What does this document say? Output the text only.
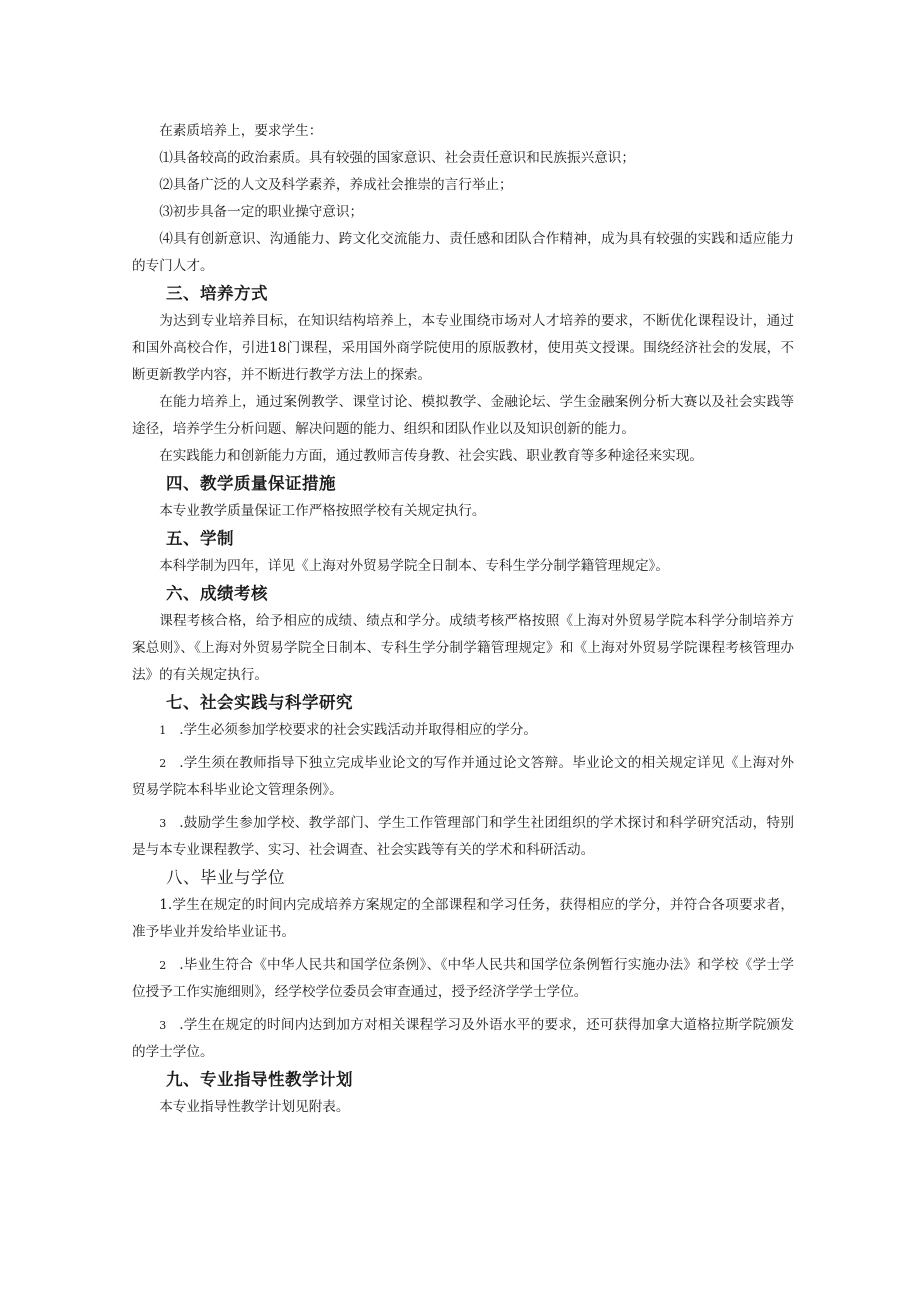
在素质培养上，要求学生：

⑴具备较高的政治素质。具有较强的国家意识、社会责任意识和民族振兴意识；

⑵具备广泛的人文及科学素养，养成社会推崇的言行举止；

⑶初步具备一定的职业操守意识；

⑷具有创新意识、沟通能力、跨文化交流能力、责任感和团队合作精神，成为具有较强的实践和适应能力的专门人才。

三、培养方式

为达到专业培养目标，在知识结构培养上，本专业围绕市场对人才培养的要求，不断优化课程设计，通过和国外高校合作，引进18门课程，采用国外商学院使用的原版教材，使用英文授课。围绕经济社会的发展，不断更新教学内容，并不断进行教学方法上的探索。

在能力培养上，通过案例教学、课堂讨论、模拟教学、金融论坛、学生金融案例分析大赛以及社会实践等途径，培养学生分析问题、解决问题的能力、组织和团队作业以及知识创新的能力。

在实践能力和创新能力方面，通过教师言传身教、社会实践、职业教育等多种途径来实现。

四、教学质量保证措施

本专业教学质量保证工作严格按照学校有关规定执行。

五、学制

本科学制为四年，详见《上海对外贸易学院全日制本、专科生学分制学籍管理规定》。

六、成绩考核

课程考核合格，给予相应的成绩、绩点和学分。成绩考核严格按照《上海对外贸易学院本科学分制培养方案总则》、《上海对外贸易学院全日制本、专科生学分制学籍管理规定》和《上海对外贸易学院课程考核管理办法》的有关规定执行。

七、社会实践与科学研究

1 .学生必须参加学校要求的社会实践活动并取得相应的学分。

2 .学生须在教师指导下独立完成毕业论文的写作并通过论文答辩。毕业论文的相关规定详见《上海对外贸易学院本科毕业论文管理条例》。

3 .鼓励学生参加学校、教学部门、学生工作管理部门和学生社团组织的学术探讨和科学研究活动，特别是与本专业课程教学、实习、社会调查、社会实践等有关的学术和科研活动。

八、毕业与学位

1.学生在规定的时间内完成培养方案规定的全部课程和学习任务，获得相应的学分，并符合各项要求者，准予毕业并发给毕业证书。

2 .毕业生符合《中华人民共和国学位条例》、《中华人民共和国学位条例暂行实施办法》和学校《学士学位授予工作实施细则》，经学校学位委员会审查通过，授予经济学学士学位。

3 .学生在规定的时间内达到加方对相关课程学习及外语水平的要求，还可获得加拿大道格拉斯学院颁发的学士学位。

九、专业指导性教学计划

本专业指导性教学计划见附表。
